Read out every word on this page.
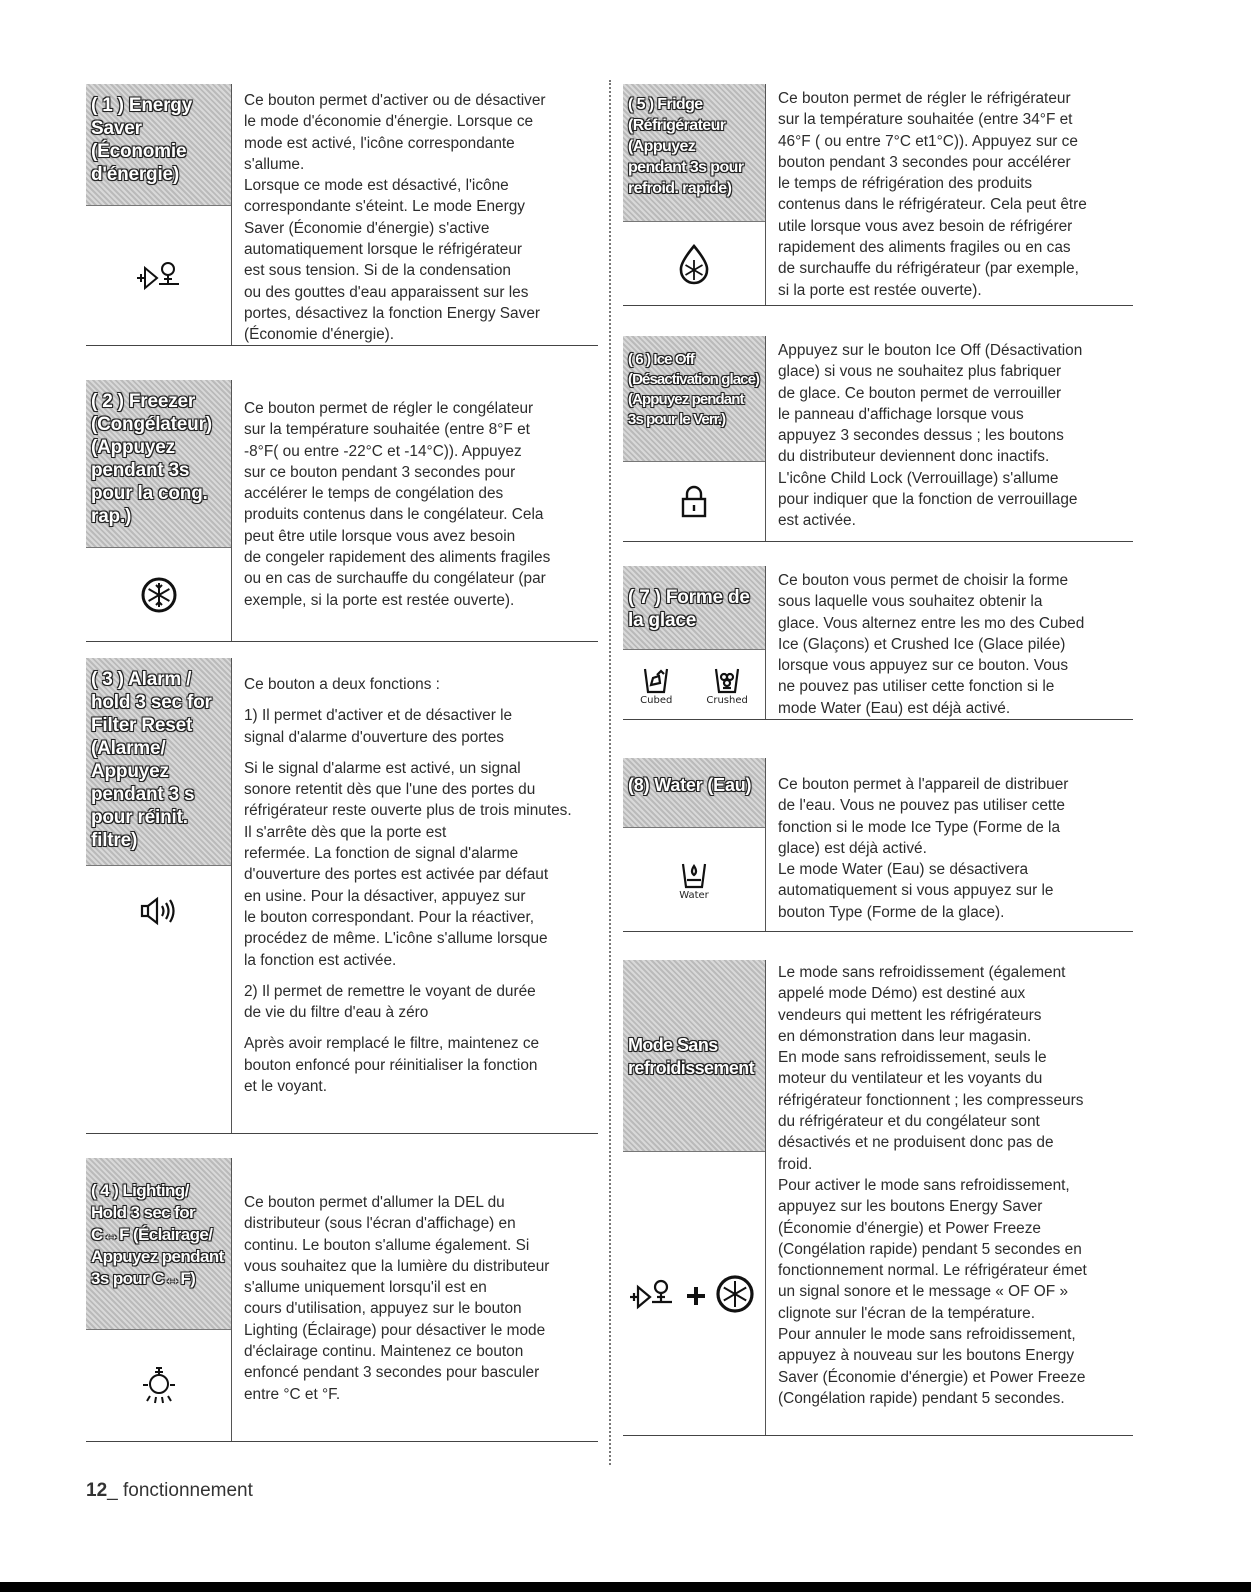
( 1 ) Energy
Saver
(Économie
d'énergie)

Ce bouton permet d'activer ou de désactiver
le mode d'économie d'énergie. Lorsque ce
mode est activé, l'icône correspondante
s'allume.
Lorsque ce mode est désactivé, l'icône
correspondante s'éteint. Le mode Energy
Saver (Économie d'énergie) s'active
automatiquement lorsque le réfrigérateur
est sous tension. Si de la condensation
ou des gouttes d'eau apparaissent sur les
portes, désactivez la fonction Energy Saver
(Économie d'énergie).

( 2 ) Freezer
(Congélateur)
(Appuyez
pendant 3s
pour la cong.
rap.)

Ce bouton permet de régler le congélateur
sur la température souhaitée (entre 8°F et
-8°F( ou entre -22°C et -14°C)). Appuyez
sur ce bouton pendant 3 secondes pour
accélérer le temps de congélation des
produits contenus dans le congélateur. Cela
peut être utile lorsque vous avez besoin
de congeler rapidement des aliments fragiles
ou en cas de surchauffe du congélateur (par
exemple, si la porte est restée ouverte).

( 3 ) Alarm /
hold 3 sec for
Filter Reset
(Alarme/
Appuyez
pendant 3 s
pour réinit.
filtre)

Ce bouton a deux fonctions :

1) Il permet d'activer et de désactiver le
signal d'alarme d'ouverture des portes

Si le signal d'alarme est activé, un signal
sonore retentit dès que l'une des portes du
réfrigérateur reste ouverte plus de trois minutes.
Il s'arrête dès que la porte est
refermée. La fonction de signal d'alarme
d'ouverture des portes est activée par défaut
en usine. Pour la désactiver, appuyez sur
le bouton correspondant. Pour la réactiver,
procédez de même. L'icône s'allume lorsque
la fonction est activée.

2) Il permet de remettre le voyant de durée
de vie du filtre d'eau à zéro

Après avoir remplacé le filtre, maintenez ce
bouton enfoncé pour réinitialiser la fonction
et le voyant.

( 4 ) Lighting/
Hold 3 sec for
C↔F (Éclairage/
Appuyez pendant
3s pour C↔F)

Ce bouton permet d'allumer la DEL du
distributeur (sous l'écran d'affichage) en
continu. Le bouton s'allume également. Si
vous souhaitez que la lumière du distributeur
s'allume uniquement lorsqu'il est en
cours d'utilisation, appuyez sur le bouton
Lighting (Éclairage) pour désactiver le mode
d'éclairage continu. Maintenez ce bouton
enfoncé pendant 3 secondes pour basculer
entre °C et °F.

( 5 ) Fridge
(Réfrigérateur
(Appuyez
pendant 3s pour
refroid. rapide)

Ce bouton permet de régler le réfrigérateur
sur la température souhaitée (entre 34°F et
46°F ( ou entre 7°C et1°C)). Appuyez sur ce
bouton pendant 3 secondes pour accélérer
le temps de réfrigération des produits
contenus dans le réfrigérateur. Cela peut être
utile lorsque vous avez besoin de réfrigérer
rapidement des aliments fragiles ou en cas
de surchauffe du réfrigérateur (par exemple,
si la porte est restée ouverte).

( 6 ) Ice Off
(Désactivation glace)
(Appuyez pendant
3s pour le Verr.)

Appuyez sur le bouton Ice Off (Désactivation
glace) si vous ne souhaitez plus fabriquer
de glace. Ce bouton permet de verrouiller
le panneau d'affichage lorsque vous
appuyez 3 secondes dessus ; les boutons
du distributeur deviennent donc inactifs.
L'icône Child Lock (Verrouillage) s'allume
pour indiquer que la fonction de verrouillage
est activée.

( 7 ) Forme de
la glace
Cubed	Crushed

Ce bouton vous permet de choisir la forme
sous laquelle vous souhaitez obtenir la
glace. Vous alternez entre les mo des Cubed
Ice (Glaçons) et Crushed Ice (Glace pilée)
lorsque vous appuyez sur ce bouton. Vous
ne pouvez pas utiliser cette fonction si le
mode Water (Eau) est déjà activé.

(8) Water (Eau)
Water

Ce bouton permet à l'appareil de distribuer
de l'eau. Vous ne pouvez pas utiliser cette
fonction si le mode Ice Type (Forme de la
glace) est déjà activé.
Le mode Water (Eau) se désactivera
automatiquement si vous appuyez sur le
bouton Type (Forme de la glace).

Mode Sans
refroidissement

Le mode sans refroidissement (également
appelé mode Démo) est destiné aux
vendeurs qui mettent les réfrigérateurs
en démonstration dans leur magasin.
En mode sans refroidissement, seuls le
moteur du ventilateur et les voyants du
réfrigérateur fonctionnent ; les compresseurs
du réfrigérateur et du congélateur sont
désactivés et ne produisent donc pas de
froid.
Pour activer le mode sans refroidissement,
appuyez sur les boutons Energy Saver
(Économie d'énergie) et Power Freeze
(Congélation rapide) pendant 5 secondes en
fonctionnement normal. Le réfrigérateur émet
un signal sonore et le message « OF OF »
clignote sur l'écran de la température.
Pour annuler le mode sans refroidissement,
appuyez à nouveau sur les boutons Energy
Saver (Économie d'énergie) et Power Freeze
(Congélation rapide) pendant 5 secondes.

12_ fonctionnement
